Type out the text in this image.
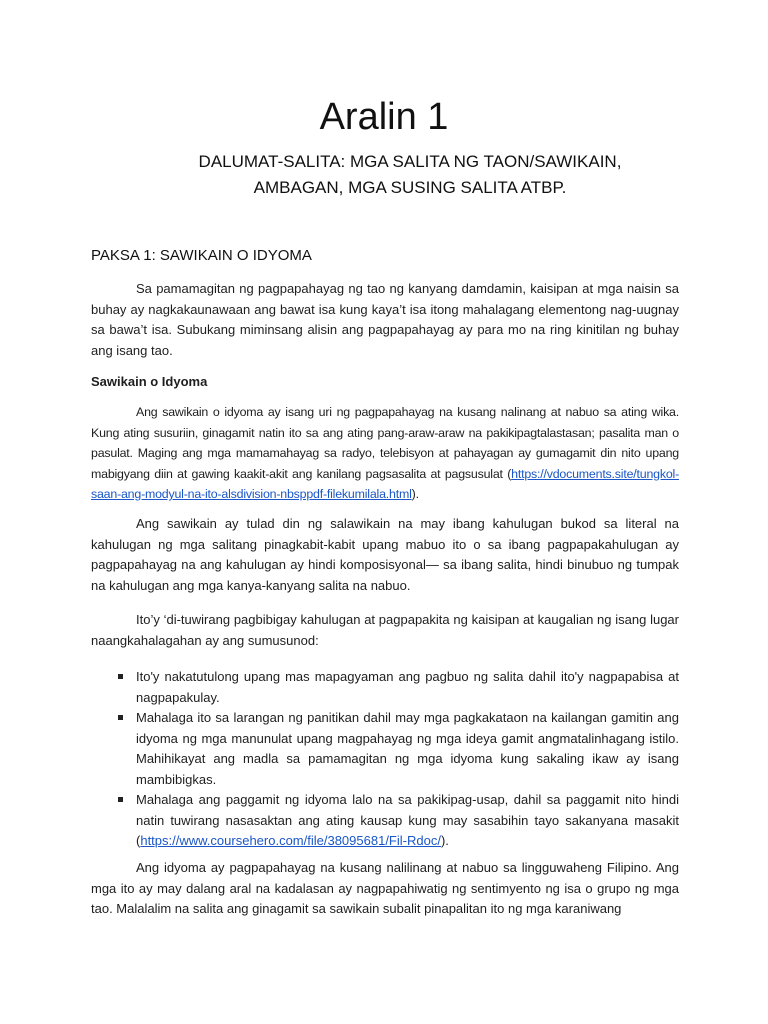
Aralin 1
DALUMAT-SALITA: MGA SALITA NG TAON/SAWIKAIN,
AMBAGAN, MGA SUSING SALITA ATBP.
PAKSA 1: SAWIKAIN O IDYOMA

Sa pamamagitan ng pagpapahayag ng tao ng kanyang damdamin, kaisipan at mga naisin sa buhay ay nagkakaunawaan ang bawat isa kung kaya’t isa itong mahalagang elementong nag-uugnay sa bawa’t isa. Subukang miminsang alisin ang pagpapahayag ay para mo na ring kinitilan ng buhay ang isang tao.

Sawikain o Idyoma

Ang sawikain o idyoma ay isang uri ng pagpapahayag na kusang nalinang at nabuo sa ating wika. Kung ating susuriin, ginagamit natin ito sa ang ating pang-araw-araw na pakikipagtalastasan; pasalita man o pasulat. Maging ang mga mamamahayag sa radyo, telebisyon at pahayagan ay gumagamit din nito upang mabigyang diin at gawing kaakit-akit ang kanilang pagsasalita at pagsusulat (https://vdocuments.site/tungkol-saan-ang-modyul-na-ito-alsdivision-nbsppdf-filekumilala.html).

Ang sawikain ay tulad din ng salawikain na may ibang kahulugan bukod sa literal na kahulugan ng mga salitang pinagkabit-kabit upang mabuo ito o sa ibang pagpapakahulugan ay pagpapahayag na ang kahulugan ay hindi komposisyonal— sa ibang salita, hindi binubuo ng tumpak na kahulugan ang mga kanya-kanyang salita na nabuo.

Ito’y ‘di-tuwirang pagbibigay kahulugan at pagpapakita ng kaisipan at kaugalian ng isang lugar naangkahalagahan ay ang sumusunod:

Ito'y nakatutulong upang mas mapagyaman ang pagbuo ng salita dahil ito'y nagpapabisa at nagpapakulay.
Mahalaga ito sa larangan ng panitikan dahil may mga pagkakataon na kailangan gamitin ang idyoma ng mga manunulat upang magpahayag ng mga ideya gamit angmatalinhagang istilo. Mahihikayat ang madla sa pamamagitan ng mga idyoma kung sakaling ikaw ay isang mambibigkas.
Mahalaga ang paggamit ng idyoma lalo na sa pakikipag-usap, dahil sa paggamit nito hindi natin tuwirang nasasaktan ang ating kausap kung may sasabihin tayo sakanyana masakit (https://www.coursehero.com/file/38095681/Fil-Rdoc/).

Ang idyoma ay pagpapahayag na kusang nalilinang at nabuo sa lingguwaheng Filipino. Ang mga ito ay may dalang aral na kadalasan ay nagpapahiwatig ng sentimyento ng isa o grupo ng mga tao. Malalalim na salita ang ginagamit sa sawikain subalit pinapalitan ito ng mga karaniwang
